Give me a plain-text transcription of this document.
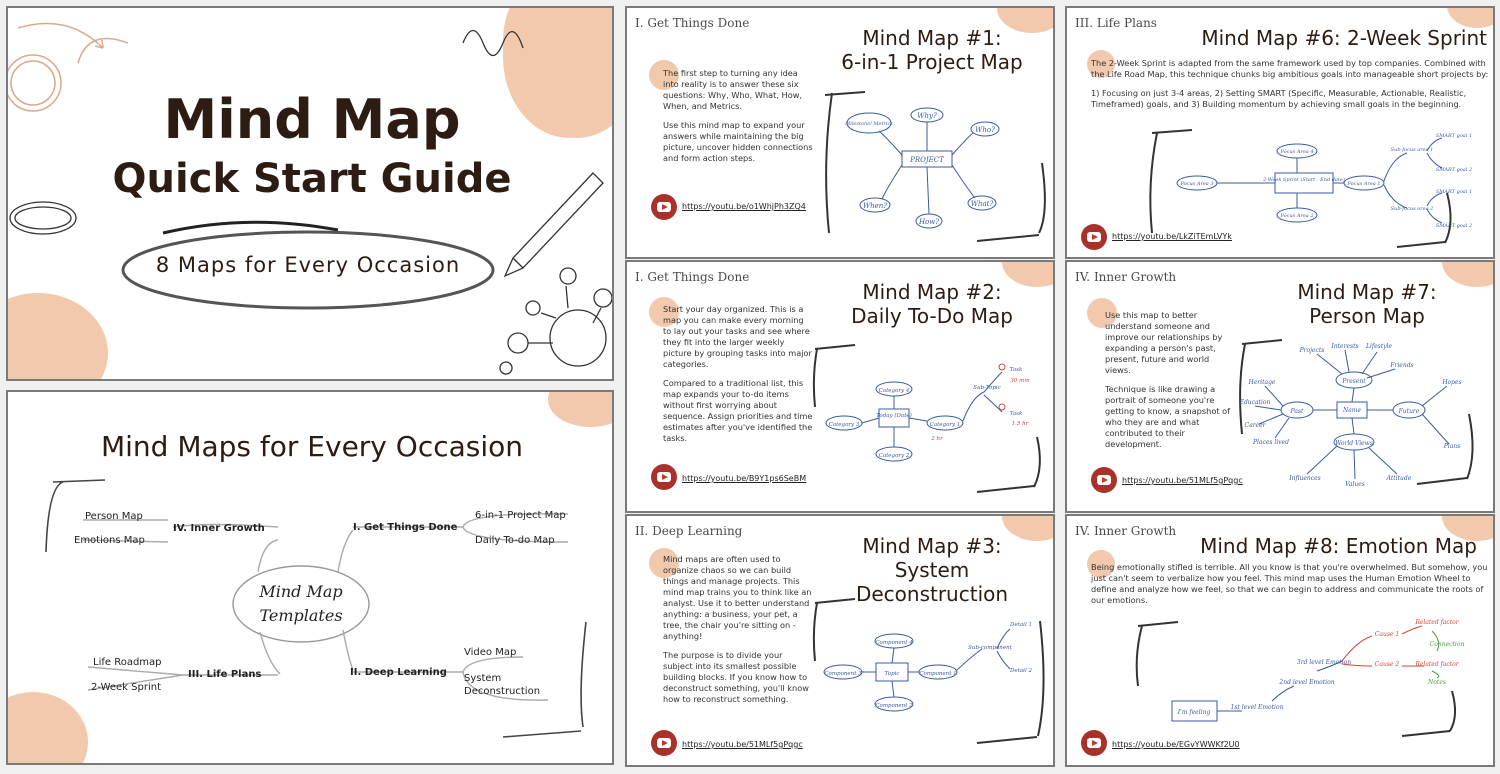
Mind Map
Quick Start Guide
8 Maps for Every Occasion
Mind Maps for Every Occasion
Mind Map
Templates
I. Get Things Done
6-in-1 Project Map
Daily To-do Map
II. Deep Learning
Video Map
System Deconstruction
III. Life Plans
Life Roadmap
2-Week Sprint
IV. Inner Growth
Person Map
Emotions Map
I. Get Things Done
Mind Map #1:
6-in-1 Project Map

The first step to turning any idea into reality is to answer these six questions: Why, Who, What, How, When, and Metrics.

Use this mind map to expand your answers while maintaining the big picture, uncover hidden connections and form action steps.

https://youtu.be/o1WhjPh3ZQ4
PROJECT
Milestone/ Metrics
Why?
Who?
What?
How?
When?
I. Get Things Done
Mind Map #2:
Daily To-Do Map

Start your day organized. This is a map you can make every morning to lay out your tasks and see where they fit into the larger weekly picture by grouping tasks into major categories.

Compared to a traditional list, this map expands your to-do items without first worrying about sequence. Assign priorities and time estimates after you've identified the tasks.

https://youtu.be/B9Y1ps6SeBM
Today (Date)
Category 4
Category 3
Category 2
Category 1
Sub-Topic
Task
Task
30 min
1.5 hr
2 hr
II. Deep Learning
Mind Map #3:
System Deconstruction

Mind maps are often used to organize chaos so we can build things and manage projects. This mind map trains you to think like an analyst. Use it to better understand anything: a business, your pet, a tree, the chair you're sitting on - anything!

The purpose is to divide your subject into its smallest possible building blocks. If you know how to deconstruct something, you'll know how to reconstruct something.

https://youtu.be/51MLf5gPqgc
Topic
Component 4
Component 3
Component 2
Component 1
Sub-component
Detail 1
Detail 2
III. Life Plans
Mind Map #6: 2-Week Sprint

The 2-Week Sprint is adapted from the same framework used by top companies. Combined with the Life Road Map, this technique chunks big ambitious goals into manageable short projects by:

1) Focusing on just 3-4 areas, 2) Setting SMART (Specific, Measurable, Actionable, Realistic, Timeframed) goals, and 3) Building momentum by achieving small goals in the beginning.

https://youtu.be/LkZiTEmLVYk
2-Week Sprint (Start - End date)
Focus Area 4
Focus Area 3
Focus Area 2
Focus Area 1
Sub-focus area 1
Sub-focus area 2
SMART goal 1
SMART goal 2
SMART goal 1
SMART goal 2
IV. Inner Growth
Mind Map #7:
Person Map

Use this map to better understand someone and improve our relationships by expanding a person's past, present, future and world views.

Technique is like drawing a portrait of someone you're getting to know, a snapshot of who they are and what contributed to their development.

https://youtu.be/51MLf5gPqgc
Name
Present
Past	Future
World Views
Projects
Interests Lifestyle
Friends
Heritage
Education
Career
Places lived
Hopes
Plans
Influences
Values
Attitude
IV. Inner Growth
Mind Map #8: Emotion Map

Being emotionally stifled is terrible. All you know is that you're overwhelmed. But somehow, you just can't seem to verbalize how you feel. This mind map uses the Human Emotion Wheel to define and analyze how we feel, so that we can begin to address and communicate the roots of our emotions.

https://youtu.be/EGvYWWKf2U0
I'm feeling
1st level Emotion
2nd level Emotion
3rd level Emotion
Cause 1
Cause 2
Related factor
Related factor
Connection
Notes
